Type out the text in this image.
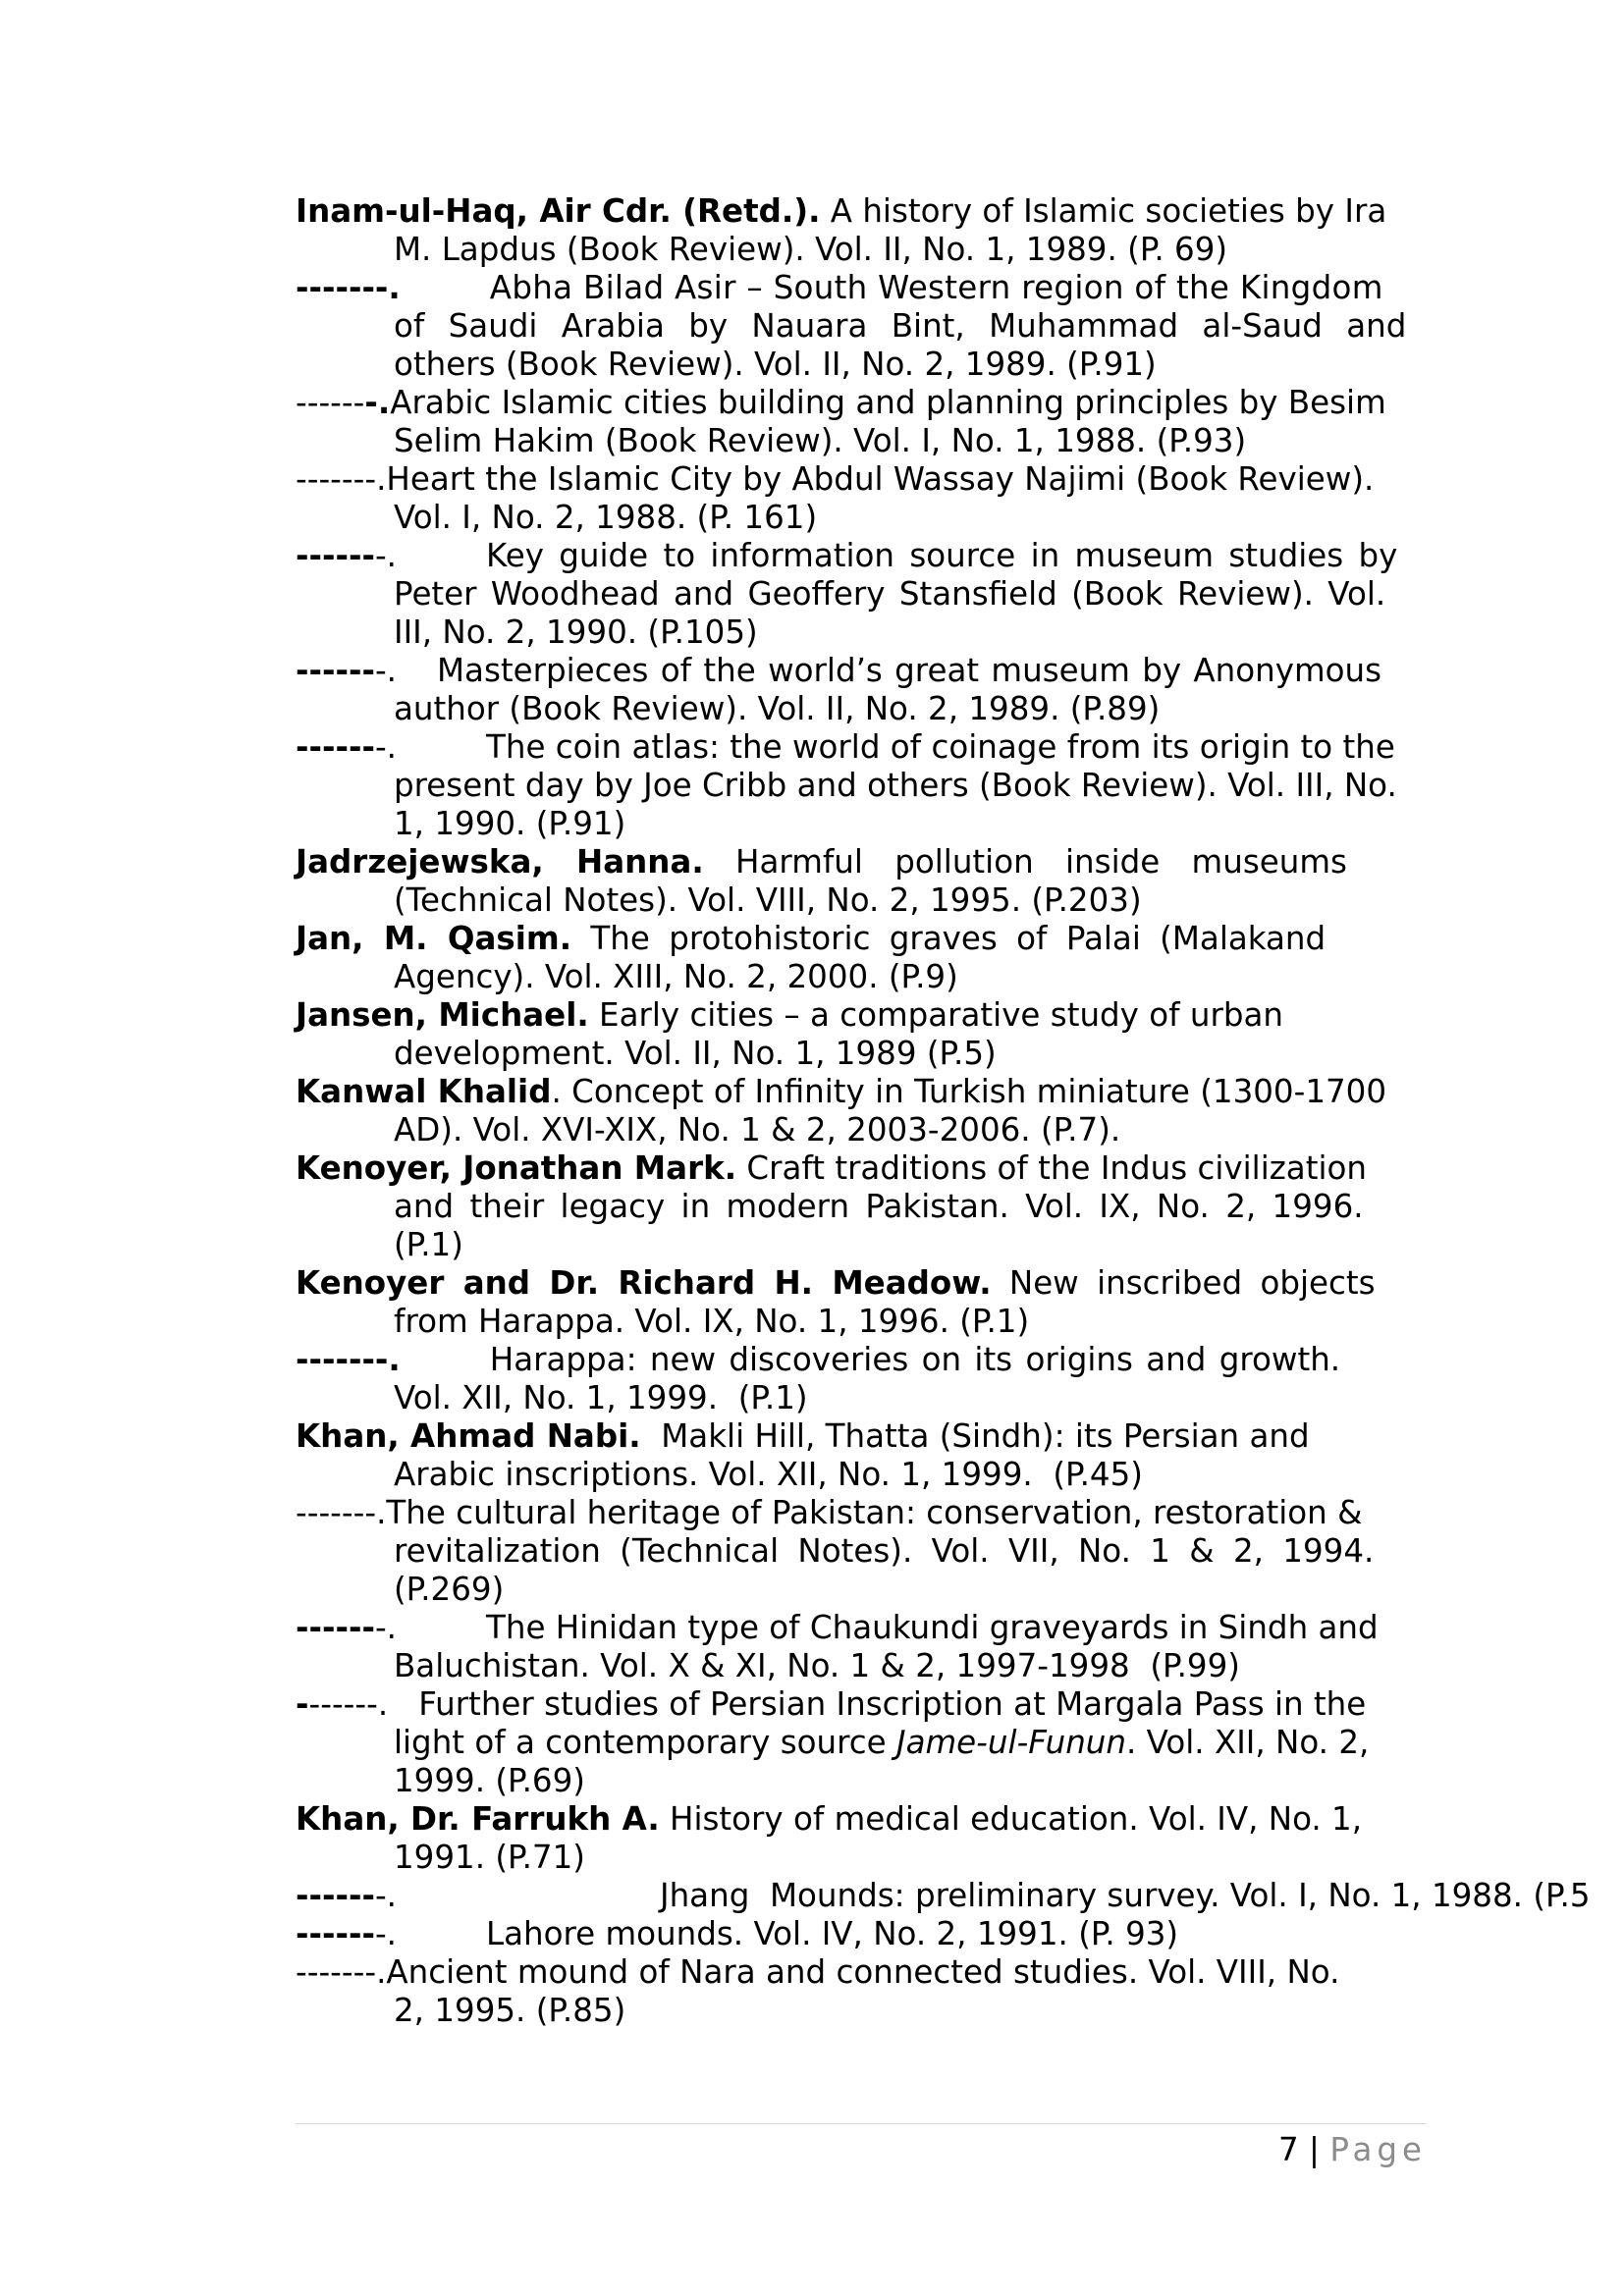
Inam-ul-Haq, Air Cdr. (Retd.). A history of Islamic societies by Ira
M. Lapdus (Book Review). Vol. II, No. 1, 1989. (P. 69)

-------.	Abha Bilad Asir – South Western region of the Kingdom
of Saudi Arabia by Nauara Bint, Muhammad al-Saud and
others (Book Review). Vol. II, No. 2, 1989. (P.91)

-------.Arabic Islamic cities building and planning principles by Besim
Selim Hakim (Book Review). Vol. I, No. 1, 1988. (P.93)

-------.Heart the Islamic City by Abdul Wassay Najimi (Book Review).
Vol. I, No. 2, 1988. (P. 161)

-------.	Key guide to information source in museum studies by
Peter Woodhead and Geoffery Stansfield (Book Review). Vol.
III, No. 2, 1990. (P.105)

-------. Masterpieces of the world’s great museum by Anonymous
author (Book Review). Vol. II, No. 2, 1989. (P.89)

-------.	The coin atlas: the world of coinage from its origin to the
present day by Joe Cribb and others (Book Review). Vol. III, No.
1, 1990. (P.91)

Jadrzejewska, Hanna. Harmful pollution inside museums
(Technical Notes). Vol. VIII, No. 2, 1995. (P.203)

Jan, M. Qasim. The protohistoric graves of Palai (Malakand
Agency). Vol. XIII, No. 2, 2000. (P.9)

Jansen, Michael. Early cities – a comparative study of urban
development. Vol. II, No. 1, 1989 (P.5)

Kanwal Khalid. Concept of Infinity in Turkish miniature (1300-1700
AD). Vol. XVI-XIX, No. 1 & 2, 2003-2006. (P.7).

Kenoyer, Jonathan Mark. Craft traditions of the Indus civilization
and their legacy in modern Pakistan. Vol. IX, No. 2, 1996.
(P.1)

Kenoyer and Dr. Richard H. Meadow. New inscribed objects
from Harappa. Vol. IX, No. 1, 1996. (P.1)

-------.	Harappa: new discoveries on its origins and growth.
Vol. XII, No. 1, 1999.  (P.1)

Khan, Ahmad Nabi.  Makli Hill, Thatta (Sindh): its Persian and
Arabic inscriptions. Vol. XII, No. 1, 1999.  (P.45)

-------.The cultural heritage of Pakistan: conservation, restoration &
revitalization (Technical Notes). Vol. VII, No. 1 & 2, 1994.
(P.269)

-------.	The Hinidan type of Chaukundi graveyards in Sindh and
Baluchistan. Vol. X & XI, No. 1 & 2, 1997-1998  (P.99)

-------. Further studies of Persian Inscription at Margala Pass in the
light of a contemporary source Jame-ul-Funun. Vol. XII, No. 2,
1999. (P.69)

Khan, Dr. Farrukh A. History of medical education. Vol. IV, No. 1,
1991. (P.71)

-------.	Jhang  Mounds: preliminary survey. Vol. I, No. 1, 1988. (P.5

-------.	Lahore mounds. Vol. IV, No. 2, 1991. (P. 93)

-------.Ancient mound of Nara and connected studies. Vol. VIII, No.
2, 1995. (P.85)

7 | Page
